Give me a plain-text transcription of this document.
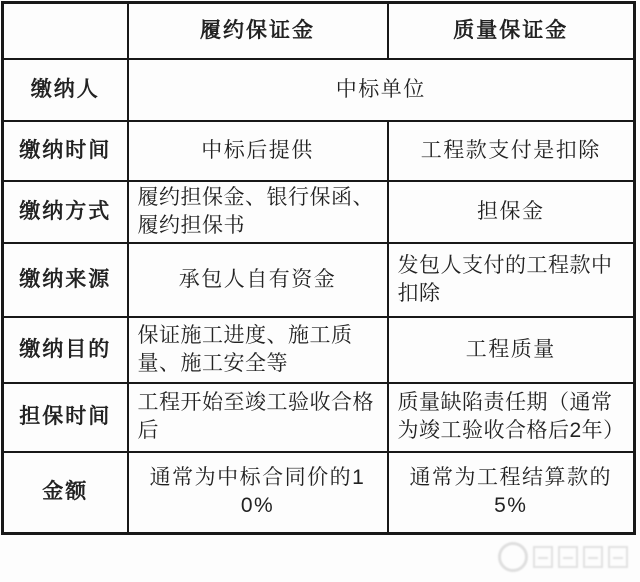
	履约保证金	质量保证金
缴纳人	中标单位	
缴纳时间	中标后提供	工程款支付是扣除
缴纳方式	履约担保金、银行保函、履约担保书	担保金
缴纳来源	承包人自有资金	发包人支付的工程款中扣除
缴纳目的	保证施工进度、施工质量、施工安全等	工程质量
担保时间	工程开始至竣工验收合格后	质量缺陷责任期（通常为竣工验收合格后2年）
金额	通常为中标合同价的10%	通常为工程结算款的5%
